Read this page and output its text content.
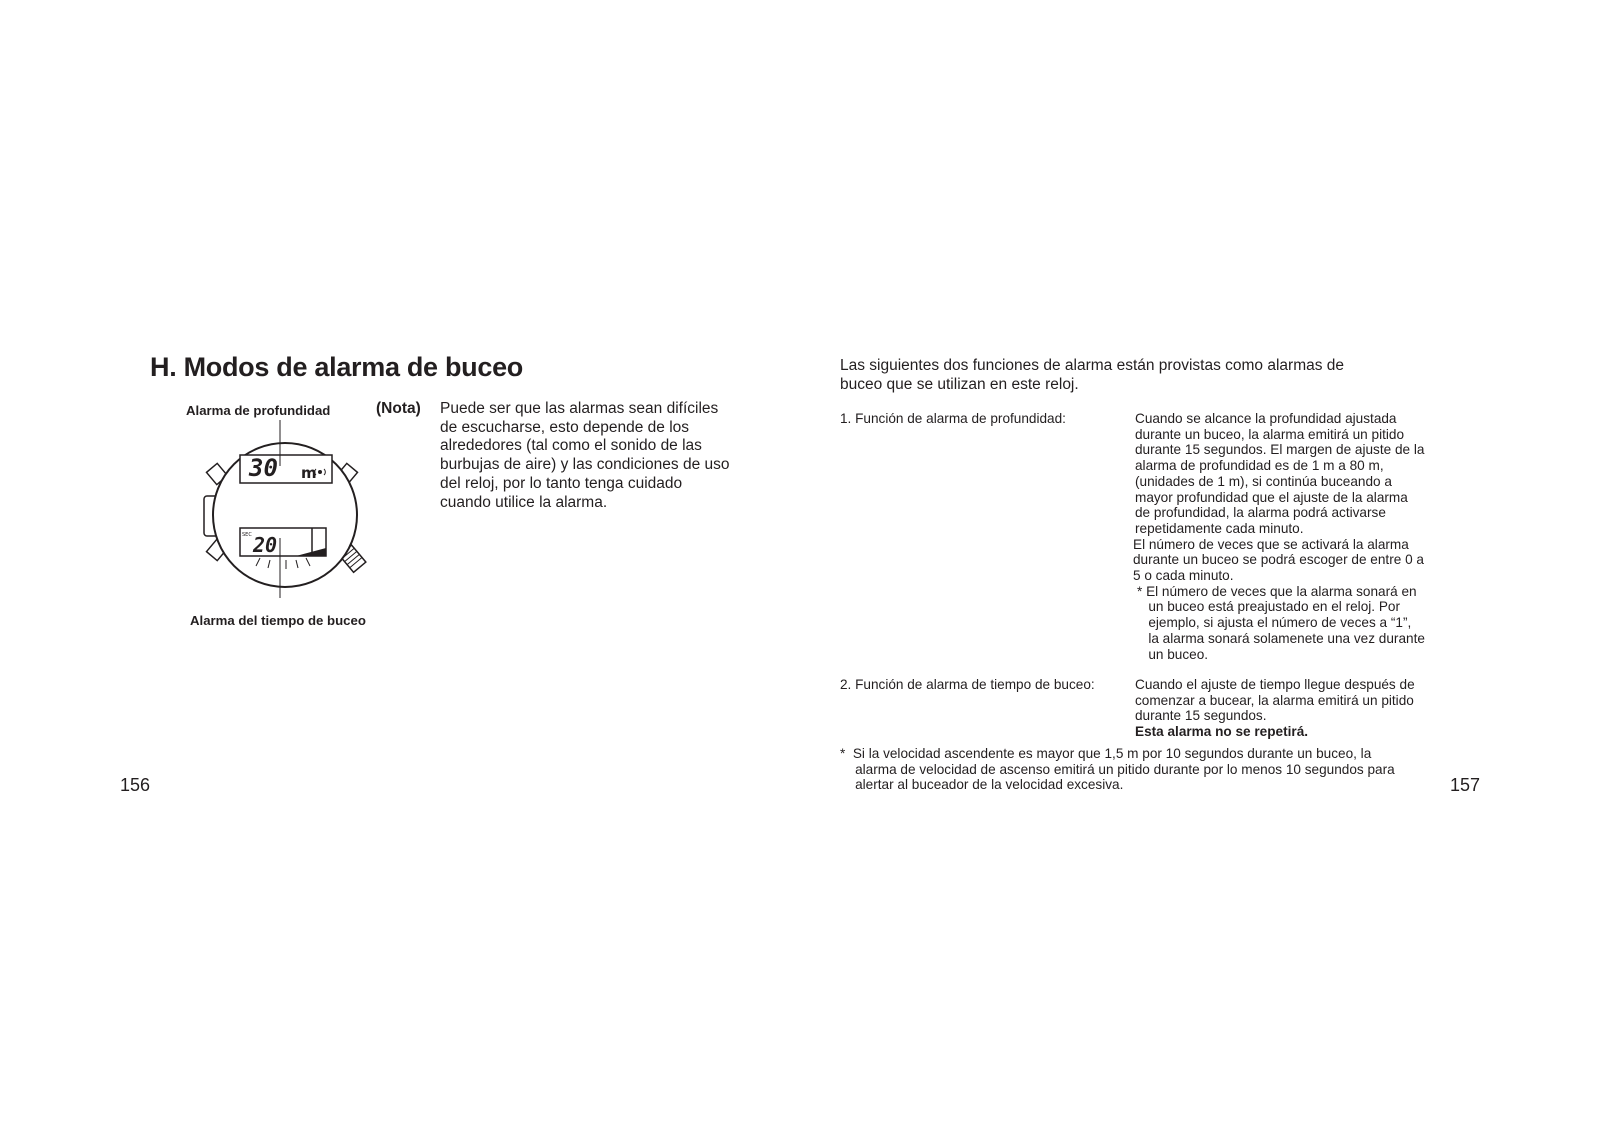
H. Modos de alarma de buceo
Alarma de profundidad
30 m
SEC 20
Alarma del tiempo de buceo
(Nota) Puede ser que las alarmas sean difíciles
de escucharse, esto depende de los
alrededores (tal como el sonido de las
burbujas de aire) y las condiciones de uso
del reloj, por lo tanto tenga cuidado
cuando utilice la alarma.
156
Las siguientes dos funciones de alarma están provistas como alarmas de
buceo que se utilizan en este reloj.
1. Función de alarma de profundidad:	Cuando se alcance la profundidad ajustada
durante un buceo, la alarma emitirá un pitido
durante 15 segundos. El margen de ajuste de la
alarma de profundidad es de 1 m a 80 m,
(unidades de 1 m), si continúa buceando a
mayor profundidad que el ajuste de la alarma
de profundidad, la alarma podrá activarse
repetidamente cada minuto.
El número de veces que se activará la alarma
durante un buceo se podrá escoger de entre 0 a
5 o cada minuto.
* El número de veces que la alarma sonará en
un buceo está preajustado en el reloj. Por
ejemplo, si ajusta el número de veces a “1”,
la alarma sonará solamenete una vez durante
un buceo.
2. Función de alarma de tiempo de buceo:	Cuando el ajuste de tiempo llegue después de
comenzar a bucear, la alarma emitirá un pitido
durante 15 segundos.
Esta alarma no se repetirá.
*  Si la velocidad ascendente es mayor que 1,5 m por 10 segundos durante un buceo, la
alarma de velocidad de ascenso emitirá un pitido durante por lo menos 10 segundos para
alertar al buceador de la velocidad excesiva.	157
